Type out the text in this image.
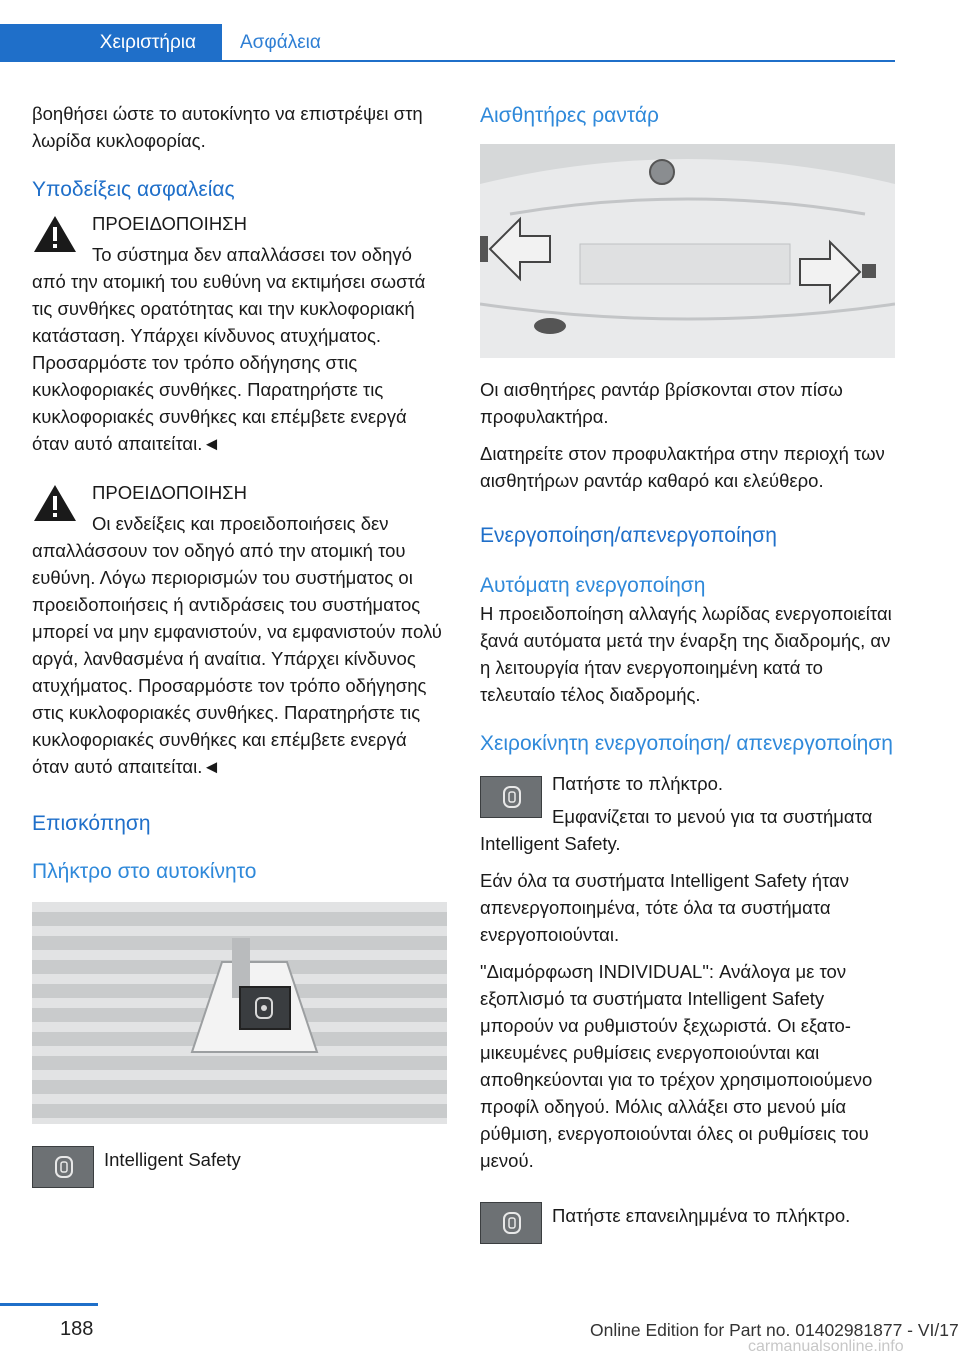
Χειριστήρια	Ασφάλεια

βοηθήσει ώστε το αυτοκίνητο να επιστρέψει στη λωρίδα κυκλοφορίας.

Υποδείξεις ασφαλείας

ΠΡΟΕΙΔΟΠΟΙΗΣΗ

Το σύστημα δεν απαλλάσσει τον οδηγό από την ατομική του ευθύνη να εκτιμήσει σωστά τις συνθήκες ορατότητας και την κυκλοφοριακή κατάσταση. Υπάρχει κίνδυνος ατυχήματος. Προσαρμόστε τον τρόπο οδήγησης στις κυκλοφοριακές συνθήκες. Παρατηρήστε τις κυκλοφοριακές συνθήκες και επέμβετε ενεργά όταν αυτό απαιτείται.◄

ΠΡΟΕΙΔΟΠΟΙΗΣΗ

Οι ενδείξεις και προειδοποιήσεις δεν απαλλάσσουν τον οδηγό από την ατομική του ευθύνη. Λόγω περιορισμών του συστήματος οι προειδοποιήσεις ή αντιδράσεις του συστήματος μπορεί να μην εμφανιστούν, να εμφανιστούν πολύ αργά, λανθασμένα ή αναίτια. Υπάρχει κίνδυνος ατυχήματος. Προσαρμόστε τον τρόπο οδήγησης στις κυκλοφοριακές συνθήκες. Παρατηρήστε τις κυκλοφοριακές συνθήκες και επέμβετε ενεργά όταν αυτό απαιτείται.◄

Επισκόπηση
Πλήκτρο στο αυτοκίνητο

Intelligent Safety

Αισθητήρες ραντάρ

Οι αισθητήρες ραντάρ βρίσκονται στον πίσω προφυλακτήρα.

Διατηρείτε στον προφυλακτήρα στην περιοχή των αισθητήρων ραντάρ καθαρό και ελεύθερο.

Ενεργοποίηση/απενεργοποίηση
Αυτόματη ενεργοποίηση

Η προειδοποίηση αλλαγής λωρίδας ενεργοποιείται ξανά αυτόματα μετά την έναρξη της διαδρομής, αν η λειτουργία ήταν ενεργοποιημένη κατά το τελευταίο τέλος διαδρομής.

Χειροκίνητη ενεργοποίηση/ απενεργοποίηση

Πατήστε το πλήκτρο.

Εμφανίζεται το μενού για τα συστήματα Intelligent Safety.

Εάν όλα τα συστήματα Intelligent Safety ήταν απενεργοποιημένα, τότε όλα τα συστήματα ενεργοποιούνται.

"Διαμόρφωση INDIVIDUAL": Ανάλογα με τον εξοπλισμό τα συστήματα Intelligent Safety μπορούν να ρυθμιστούν ξεχωριστά. Οι εξατομικευμένες ρυθμίσεις ενεργοποιούνται και αποθηκεύονται για το τρέχον χρησιμοποιούμενο προφίλ οδηγού. Μόλις αλλάξει στο μενού μία ρύθμιση, ενεργοποιούνται όλες οι ρυθμίσεις του μενού.

Πατήστε επανειλημμένα το πλήκτρο.

188	Online Edition for Part no. 01402981877 - VI/17
carmanualsonline.info
